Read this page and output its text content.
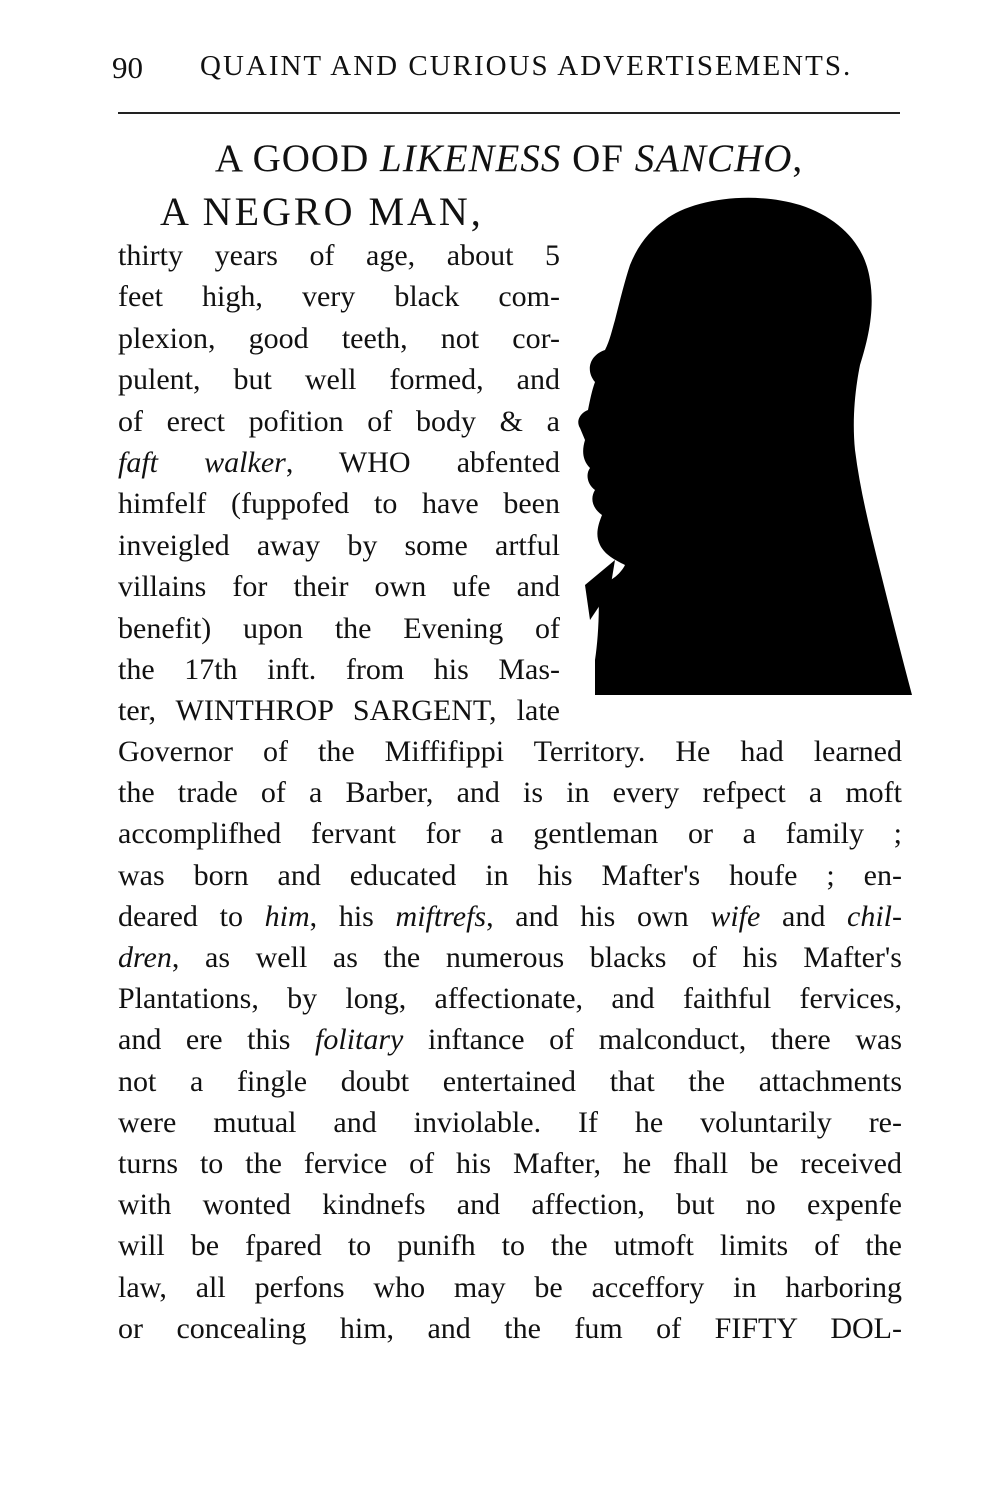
90 QUAINT AND CURIOUS ADVERTISEMENTS.
A GOOD LIKENESS OF SANCHO,
A NEGRO MAN,
thirty years of age, about 5
feet high, very black com-
plexion, good teeth, not cor-
pulent, but well formed, and
of erect pofition of body & a
faft walker, WHO abfented
himfelf (fuppofed to have been
inveigled away by some artful
villains for their own ufe and
benefit) upon the Evening of
the 17th inft. from his Mas-
ter, WINTHROP SARGENT, late
Governor of the Miffifippi Territory. He had learned
the trade of a Barber, and is in every refpect a moft
accomplifhed fervant for a gentleman or a family ;
was born and educated in his Mafter's houfe ; en-
deared to him, his miftrefs, and his own wife and chil-
dren, as well as the numerous blacks of his Mafter's
Plantations, by long, affectionate, and faithful fervices,
and ere this folitary inftance of malconduct, there was
not a fingle doubt entertained that the attachments
were mutual and inviolable. If he voluntarily re-
turns to the fervice of his Mafter, he fhall be received
with wonted kindnefs and affection, but no expenfe
will be fpared to punifh to the utmoft limits of the
law, all perfons who may be acceffory in harboring
or concealing him, and the fum of FIFTY DOL-
